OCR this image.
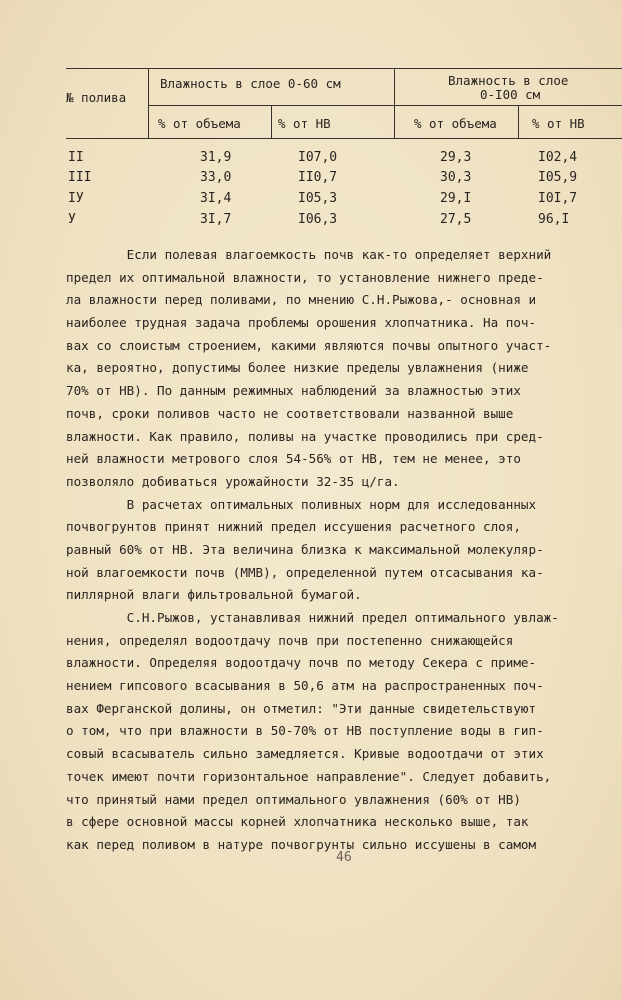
№ полива
Влажность в слое 0-60 см	Влажность в слое
0-I00 см
% от объема	% от НВ	% от объема	% от НВ
II	31,9	I07,0	29,3	I02,4
III	33,0	II0,7	30,3	I05,9
IУ	3I,4	I05,3	29,I	I0I,7
У	3I,7	I06,3	27,5	96,I
Если полевая влагоемкость почв как-то определяет верхний
предел их оптимальной влажности, то установление нижнего преде-
ла влажности перед поливами, по мнению С.Н.Рыжова,- основная и
наиболее трудная задача проблемы орошения хлопчатника. На поч-
вах со слоистым строением, какими являются почвы опытного участ-
ка, вероятно, допустимы более низкие пределы увлажнения (ниже
70% от НВ). По данным режимных наблюдений за влажностью этих
почв, сроки поливов часто не соответствовали названной выше
влажности. Как правило, поливы на участке проводились при сред-
ней влажности метрового слоя 54-56% от НВ, тем не менее, это
позволяло добиваться урожайности 32-35 ц/га.
В расчетах оптимальных поливных норм для исследованных
почвогрунтов принят нижний предел иссушения расчетного слоя,
равный 60% от НВ. Эта величина близка к максимальной молекуляр-
ной влагоемкости почв (ММВ), определенной путем отсасывания ка-
пиллярной влаги фильтровальной бумагой.
С.Н.Рыжов, устанавливая нижний предел оптимального увлаж-
нения, определял водоотдачу почв при постепенно снижающейся
влажности. Определяя водоотдачу почв по методу Секера с приме-
нением гипсового всасывания в 50,6 атм на распространенных поч-
вах Ферганской долины, он отметил: "Эти данные свидетельствуют
о том, что при влажности в 50-70% от НВ поступление воды в гип-
совый всасыватель сильно замедляется. Кривые водоотдачи от этих
точек имеют почти горизонтальное направление". Следует добавить,
что принятый нами предел оптимального увлажнения (60% от НВ)
в сфере основной массы корней хлопчатника несколько выше, так
как перед поливом в натуре почвогрунты сильно иссушены в самом
46
